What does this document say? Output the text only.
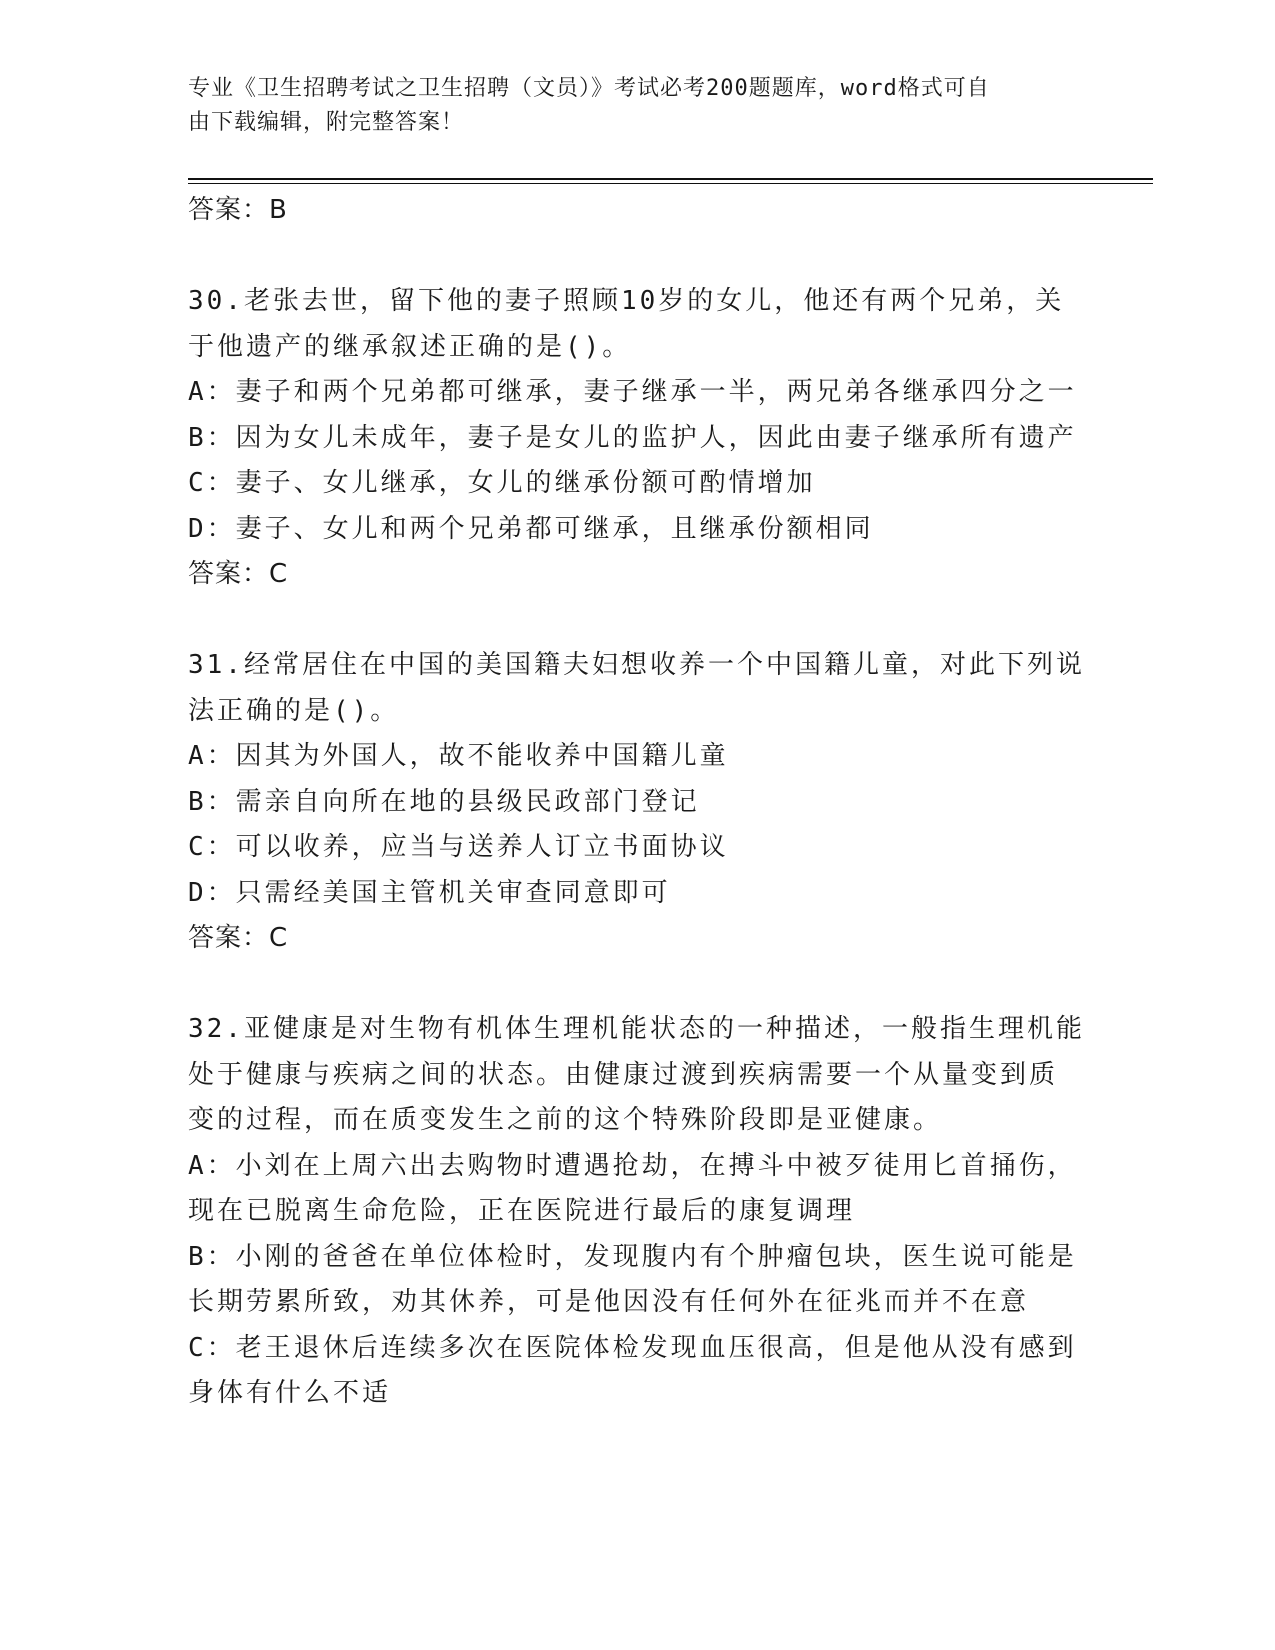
专业《卫生招聘考试之卫生招聘（文员）》考试必考200题题库，word格式可自
由下载编辑，附完整答案！
答案：B
30.老张去世，留下他的妻子照顾10岁的女儿，他还有两个兄弟，关
于他遗产的继承叙述正确的是()。
A：妻子和两个兄弟都可继承，妻子继承一半，两兄弟各继承四分之一
B：因为女儿未成年，妻子是女儿的监护人，因此由妻子继承所有遗产
C：妻子、女儿继承，女儿的继承份额可酌情增加
D：妻子、女儿和两个兄弟都可继承，且继承份额相同
答案：C
31.经常居住在中国的美国籍夫妇想收养一个中国籍儿童，对此下列说
法正确的是()。
A：因其为外国人，故不能收养中国籍儿童
B：需亲自向所在地的县级民政部门登记
C：可以收养，应当与送养人订立书面协议
D：只需经美国主管机关审查同意即可
答案：C
32.亚健康是对生物有机体生理机能状态的一种描述，一般指生理机能
处于健康与疾病之间的状态。由健康过渡到疾病需要一个从量变到质
变的过程，而在质变发生之前的这个特殊阶段即是亚健康。
A：小刘在上周六出去购物时遭遇抢劫，在搏斗中被歹徒用匕首捅伤，
现在已脱离生命危险，正在医院进行最后的康复调理
B：小刚的爸爸在单位体检时，发现腹内有个肿瘤包块，医生说可能是
长期劳累所致，劝其休养，可是他因没有任何外在征兆而并不在意
C：老王退休后连续多次在医院体检发现血压很高，但是他从没有感到
身体有什么不适
